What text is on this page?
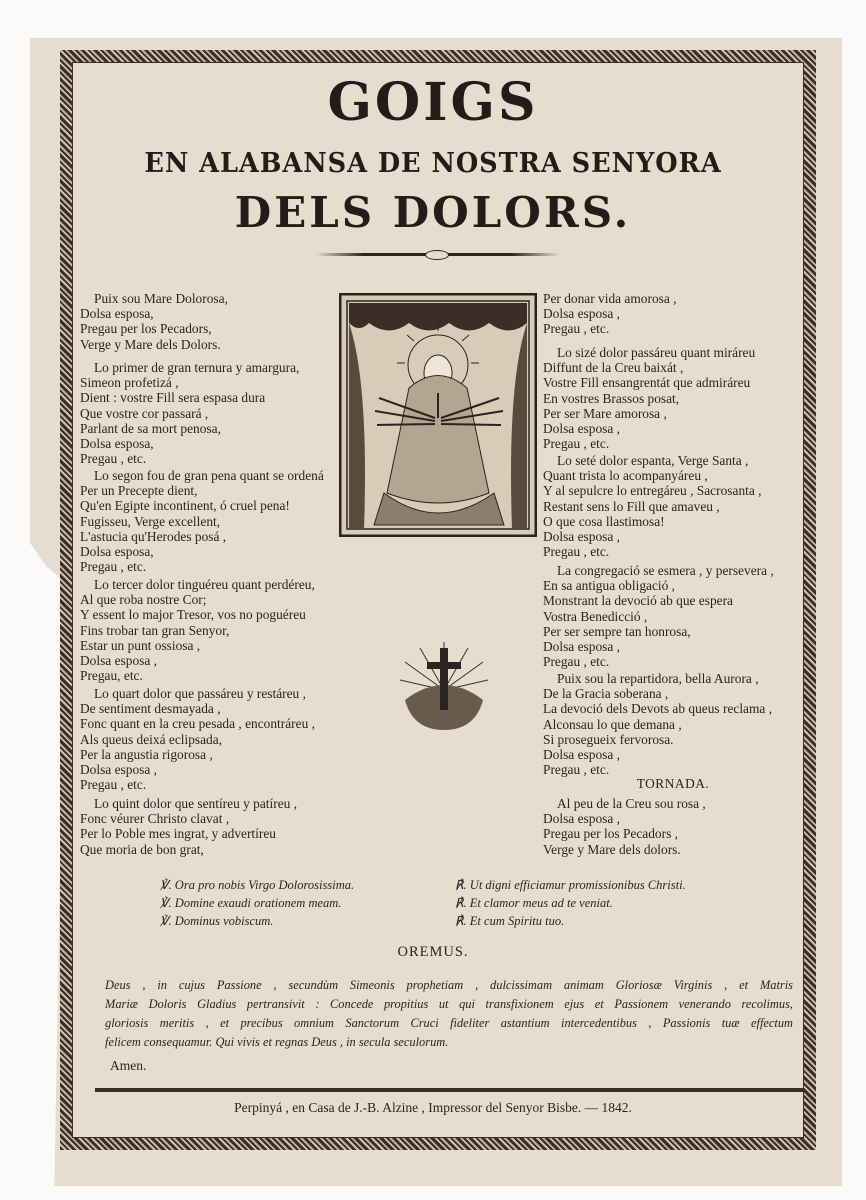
GOIGS
EN ALABANSA DE NOSTRA SENYORA
DELS DOLORS.
Puix sou Mare Dolorosa,
Dolsa esposa,
Pregau per los Pecadors,
Verge y Mare dels Dolors.
Lo primer de gran ternura y amargura,
Simeon profetizá ,
Dient : vostre Fill sera espasa dura
Que vostre cor passará ,
Parlant de sa mort penosa,
Dolsa esposa,
Pregau , etc.
Lo segon fou de gran pena quant se ordená
Per un Precepte dient,
Qu'en Egipte incontinent, ó cruel pena!
Fugisseu, Verge excellent,
L'astucia qu'Herodes posá ,
Dolsa esposa,
Pregau , etc.
Lo tercer dolor tinguéreu quant perdéreu,
Al que roba nostre Cor;
Y essent lo major Tresor, vos no poguéreu
Fins trobar tan gran Senyor,
Estar un punt ossiosa ,
Dolsa esposa ,
Pregau, etc.
Lo quart dolor que passáreu y restáreu ,
De sentiment desmayada ,
Fonc quant en la creu pesada , encontráreu ,
Als queus deixá eclipsada,
Per la angustia rigorosa ,
Dolsa esposa ,
Pregau , etc.
Lo quint dolor que sentíreu y patíreu ,
Fonc véurer Christo clavat ,
Per lo Poble mes ingrat, y advertíreu
Que moria de bon grat,
Per donar vida amorosa ,
Dolsa esposa ,
Pregau , etc.
Lo sizé dolor passáreu quant miráreu
Diffunt de la Creu baixát ,
Vostre Fill ensangrentát que admiráreu
En vostres Brassos posat,
Per ser Mare amorosa ,
Dolsa esposa ,
Pregau , etc.
Lo seté dolor espanta, Verge Santa ,
Quant trista lo acompanyáreu ,
Y al sepulcre lo entregáreu , Sacrosanta ,
Restant sens lo Fill que amaveu ,
O que cosa llastimosa!
Dolsa esposa ,
Pregau , etc.
La congregació se esmera , y persevera ,
En sa antigua obligació ,
Monstrant la devoció ab que espera
Vostra Benedicció ,
Per ser sempre tan honrosa,
Dolsa esposa ,
Pregau , etc.
Puix sou la repartidora, bella Aurora ,
De la Gracia soberana ,
La devoció dels Devots ab queus reclama ,
Alconsau lo que demana ,
Si prosegueix fervorosa.
Dolsa esposa ,
Pregau , etc.
TORNADA.
Al peu de la Creu sou rosa ,
Dolsa esposa ,
Pregau per los Pecadors ,
Verge y Mare dels dolors.
℣. Ora pro nobis Virgo Dolorosissima.	℟. Ut digni efficiamur promissionibus Christi.
℣. Domine exaudi orationem meam.	℟. Et clamor meus ad te veniat.
℣. Dominus vobiscum.	℟. Et cum Spiritu tuo.
OREMUS.
Deus , in cujus Passione , secundùm Simeonis prophetiam , dulcissimam animam Gloriosæ Virginis , et Matris
Mariæ Doloris Gladius pertransivit : Concede propitius ut qui transfixionem ejus et Passionem venerando recolimus,
gloriosis meritis , et precibus omnium Sanctorum Cruci fideliter astantium intercedentibus , Passionis tuæ effectum
felicem consequamur. Qui vivis et regnas Deus , in secula seculorum.
Amen.
Perpinyá , en Casa de J.-B. Alzine , Impressor del Senyor Bisbe. — 1842.
